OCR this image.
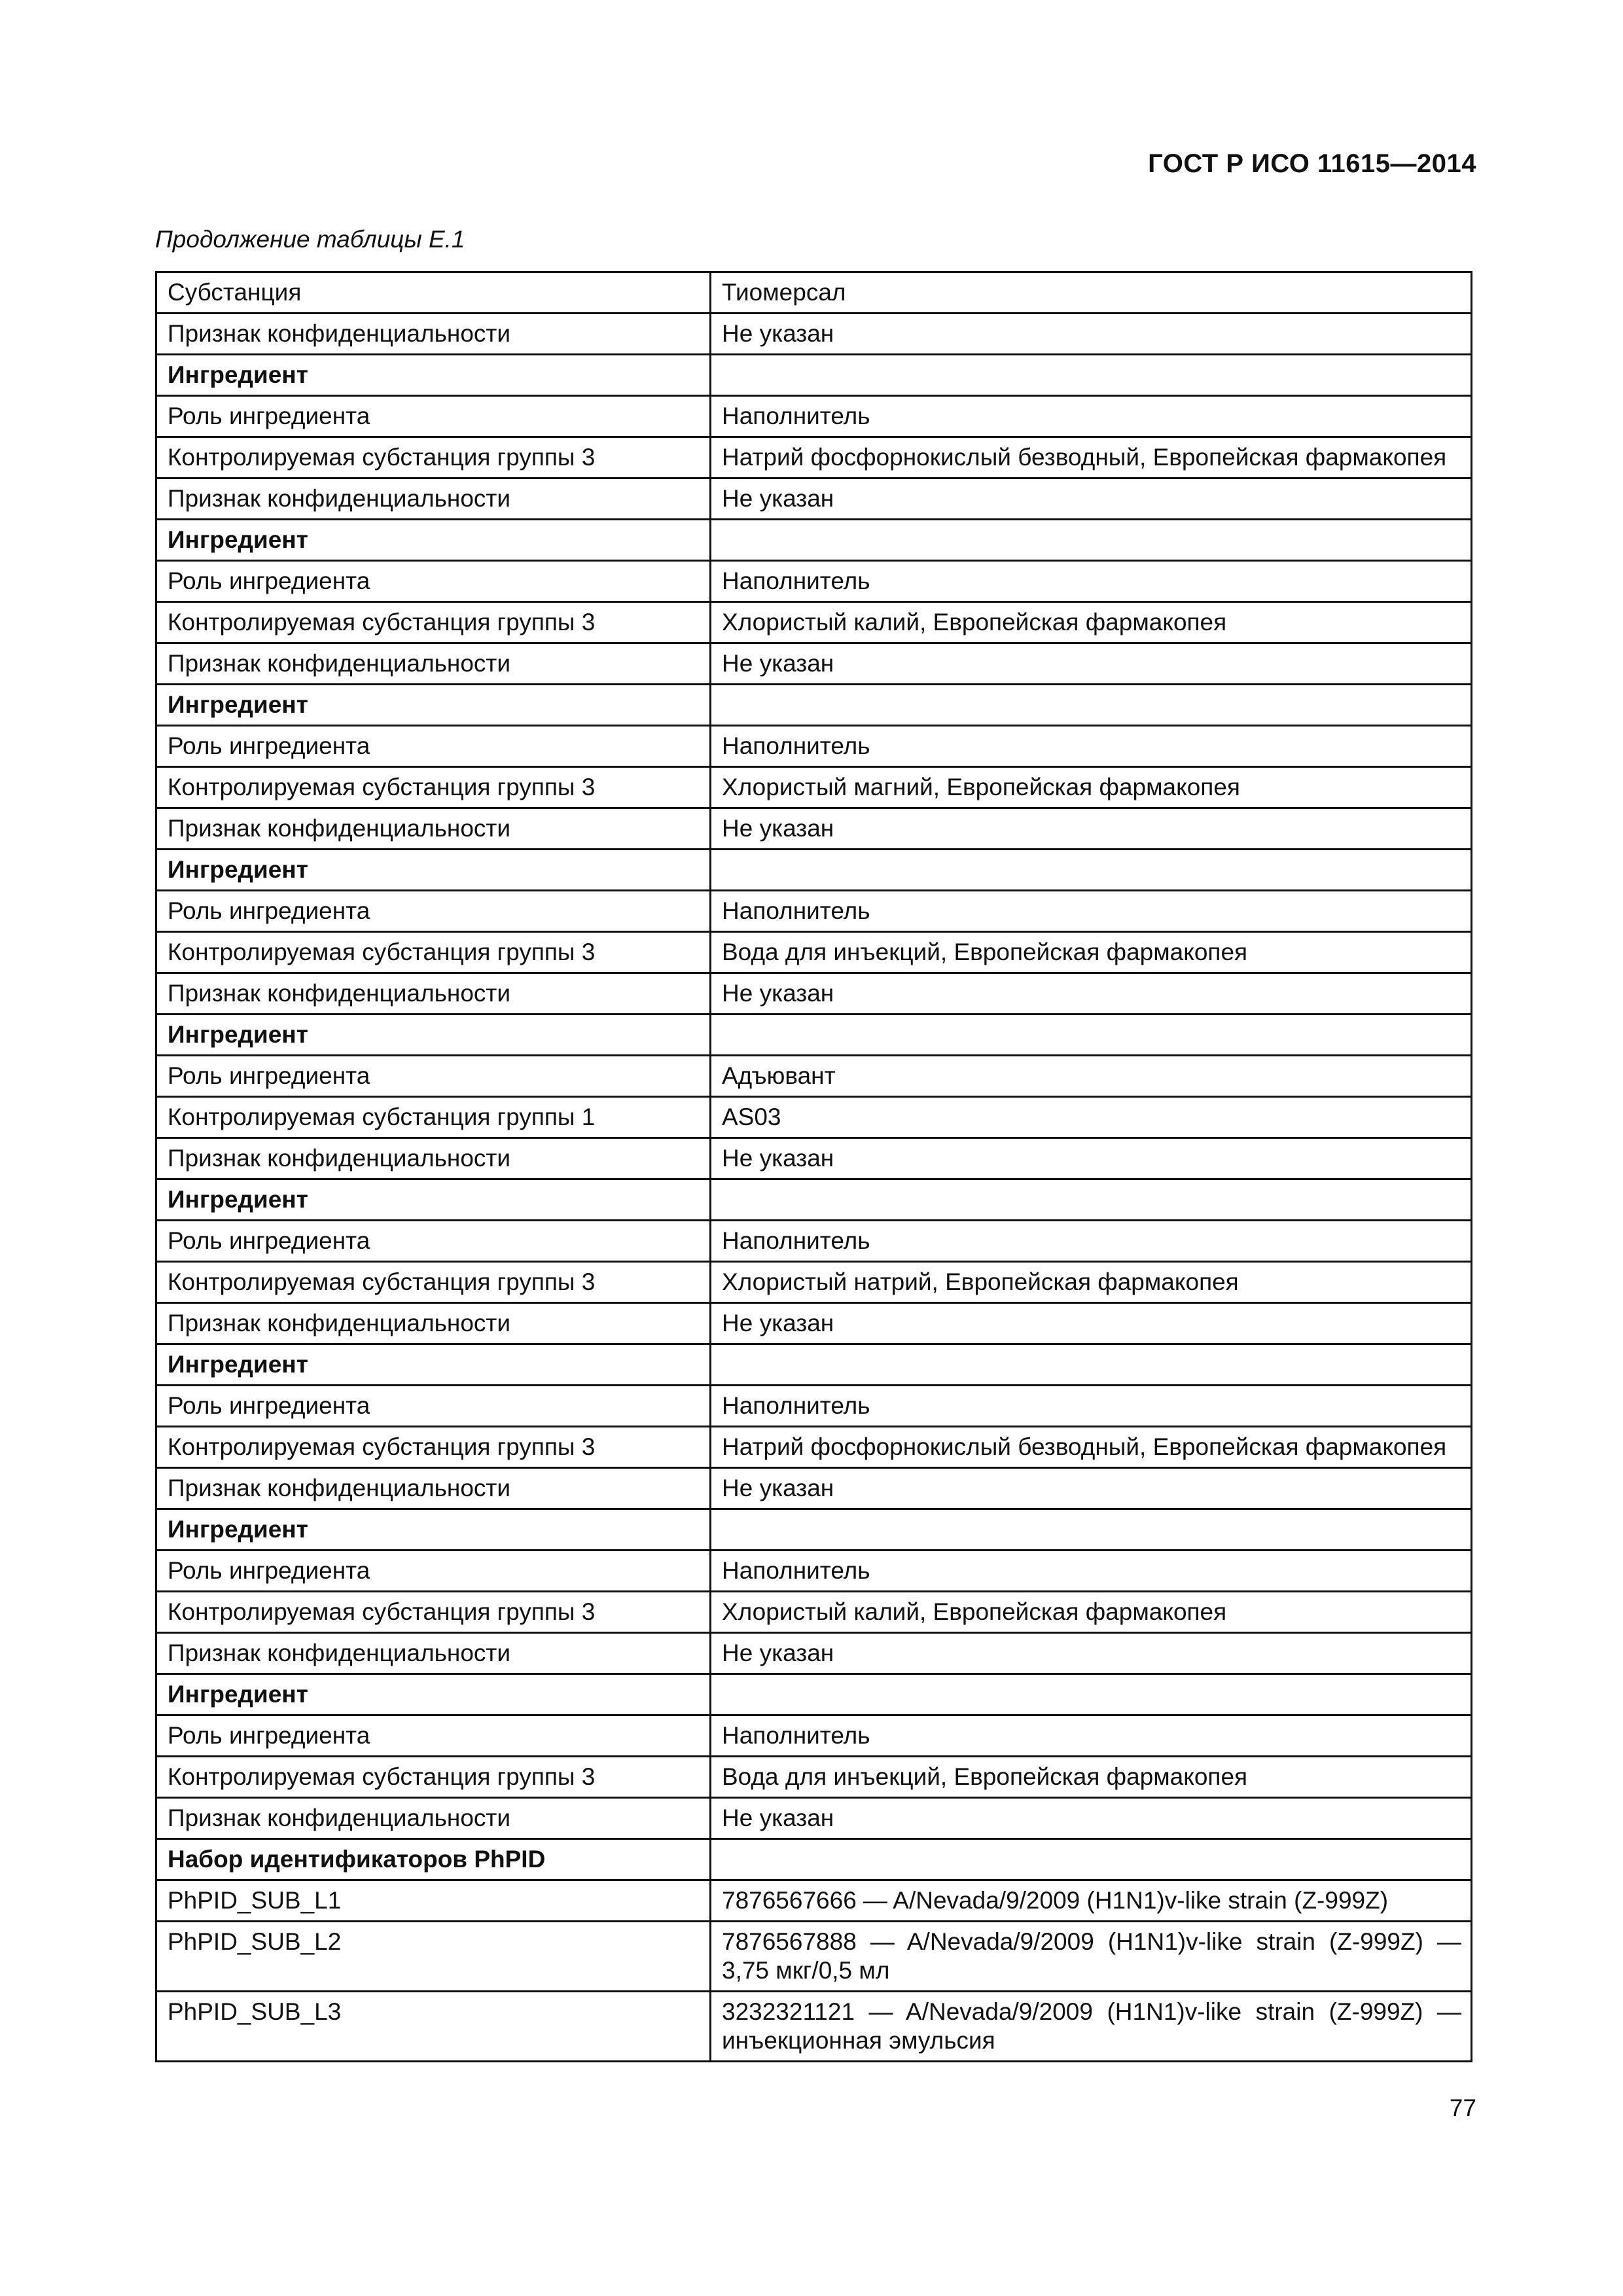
ГОСТ Р ИСО 11615—2014
Продолжение таблицы Е.1
Субстанция	Тиомерсал
Признак конфиденциальности	Не указан
Ингредиент	
Роль ингредиента	Наполнитель
Контролируемая субстанция группы 3	Натрий фосфорнокислый безводный, Европейская фармакопея
Признак конфиденциальности	Не указан
Ингредиент	
Роль ингредиента	Наполнитель
Контролируемая субстанция группы 3	Хлористый калий, Европейская фармакопея
Признак конфиденциальности	Не указан
Ингредиент	
Роль ингредиента	Наполнитель
Контролируемая субстанция группы 3	Хлористый магний, Европейская фармакопея
Признак конфиденциальности	Не указан
Ингредиент	
Роль ингредиента	Наполнитель
Контролируемая субстанция группы 3	Вода для инъекций, Европейская фармакопея
Признак конфиденциальности	Не указан
Ингредиент	
Роль ингредиента	Адъювант
Контролируемая субстанция группы 1	AS03
Признак конфиденциальности	Не указан
Ингредиент	
Роль ингредиента	Наполнитель
Контролируемая субстанция группы 3	Хлористый натрий, Европейская фармакопея
Признак конфиденциальности	Не указан
Ингредиент	
Роль ингредиента	Наполнитель
Контролируемая субстанция группы 3	Натрий фосфорнокислый безводный, Европейская фармакопея
Признак конфиденциальности	Не указан
Ингредиент	
Роль ингредиента	Наполнитель
Контролируемая субстанция группы 3	Хлористый калий, Европейская фармакопея
Признак конфиденциальности	Не указан
Ингредиент	
Роль ингредиента	Наполнитель
Контролируемая субстанция группы 3	Вода для инъекций, Европейская фармакопея
Признак конфиденциальности	Не указан
Набор идентификаторов PhPID	
PhPID_SUB_L1	7876567666 — A/Nevada/9/2009 (H1N1)v-like strain (Z-999Z)
PhPID_SUB_L2	7876567888 — A/Nevada/9/2009 (H1N1)v-like strain (Z-999Z) — 3,75 мкг/0,5 мл
PhPID_SUB_L3	3232321121 — A/Nevada/9/2009 (H1N1)v-like strain (Z-999Z) — инъекционная эмульсия
77
